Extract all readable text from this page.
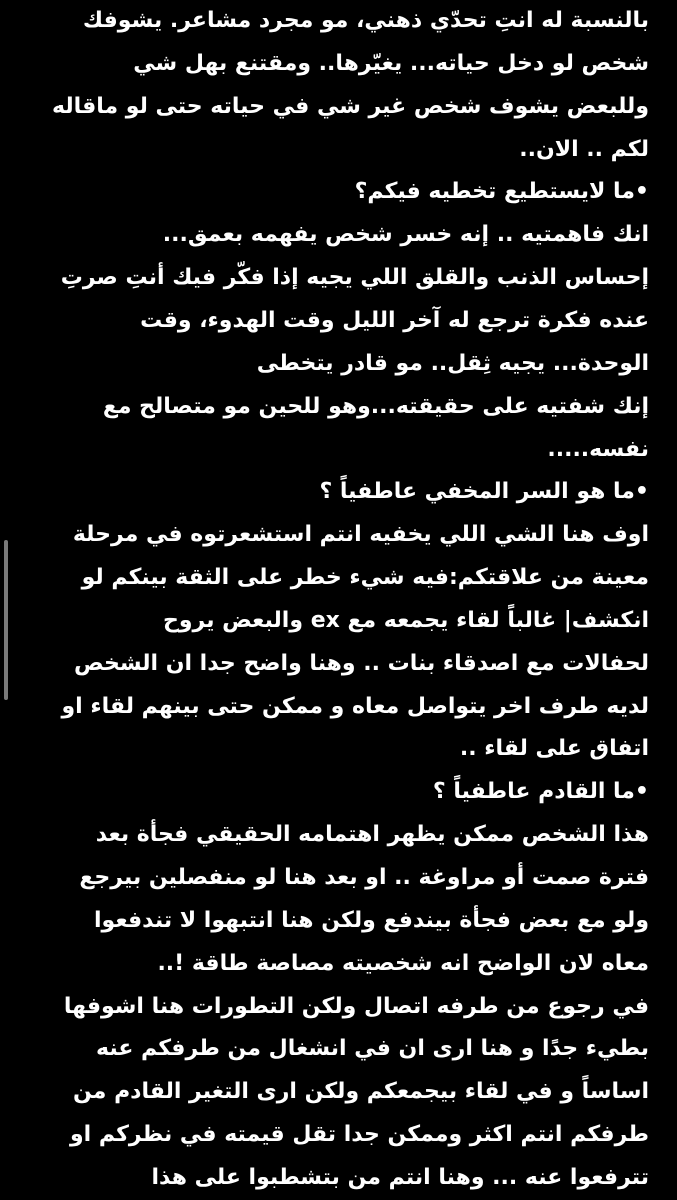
بالنسبة له انتِ تحدّي ذهني، مو مجرد مشاعر. يشوفك
شخص لو دخل حياته... يغيّرها.. ومقتنع بهل شي
وللبعض يشوف شخص غير شي في حياته حتى لو ماقاله
لكم .. الان..
•ما لايستطيع تخطيه فيكم؟
انك فاهمتيه .. إنه خسر شخص يفهمه بعمق...
إحساس الذنب والقلق اللي يجيه إذا فكّر فيك أنتِ صرتِ
عنده فكرة ترجع له آخر الليل وقت الهدوء، وقت
الوحدة... يجيه ثِقل.. مو قادر يتخطى
إنك شفتيه على حقيقته...وهو للحين مو متصالح مع
نفسه.....
•ما هو السر المخفي عاطفياً ؟
اوف هنا الشي اللي يخفيه انتم استشعرتوه في مرحلة
معينة من علاقتكم:فيه شيء خطر على الثقة بينكم لو
انكشف| غالباً لقاء يجمعه مع ex والبعض يروح
لحفالات مع اصدقاء بنات .. وهنا واضح جدا ان الشخص
لديه طرف اخر يتواصل معاه و ممكن حتى بينهم لقاء او
اتفاق على لقاء ..
•ما القادم عاطفياً ؟
هذا الشخص ممكن يظهر اهتمامه الحقيقي فجأة بعد
فترة صمت أو مراوغة .. او بعد هنا لو منفصلين بيرجع
ولو مع بعض فجأة بيندفع ولكن هنا انتبهوا لا تندفعوا
معاه لان الواضح انه شخصيته مصاصة طاقة !..
في رجوع من طرفه اتصال ولكن التطورات هنا اشوفها
بطيء جدًا و هنا ارى ان في انشغال من طرفكم عنه
اساساً و في لقاء بيجمعكم ولكن ارى التغير القادم من
طرفكم انتم اكثر وممكن جدا تقل قيمته في نظركم او
تترفعوا عنه ... وهنا انتم من بتشطبوا على هذا
